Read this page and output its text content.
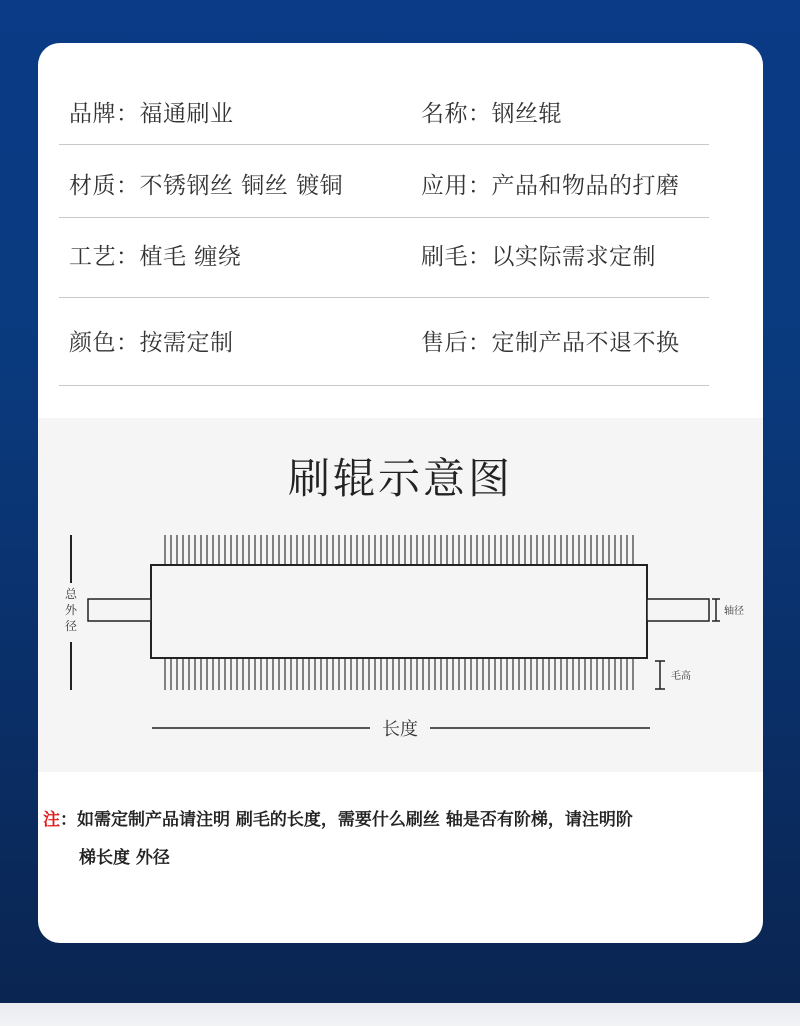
品牌：福通刷业	名称：钢丝辊
材质：不锈钢丝 铜丝 镀铜	应用：产品和物品的打磨
工艺：植毛 缠绕	刷毛：以实际需求定制
颜色：按需定制	售后：定制产品不退不换
刷辊示意图
总
外
径
轴径
毛高
长度
注：如需定制产品请注明 刷毛的长度，需要什么刷丝 轴是否有阶梯，请注明阶
梯长度 外径
